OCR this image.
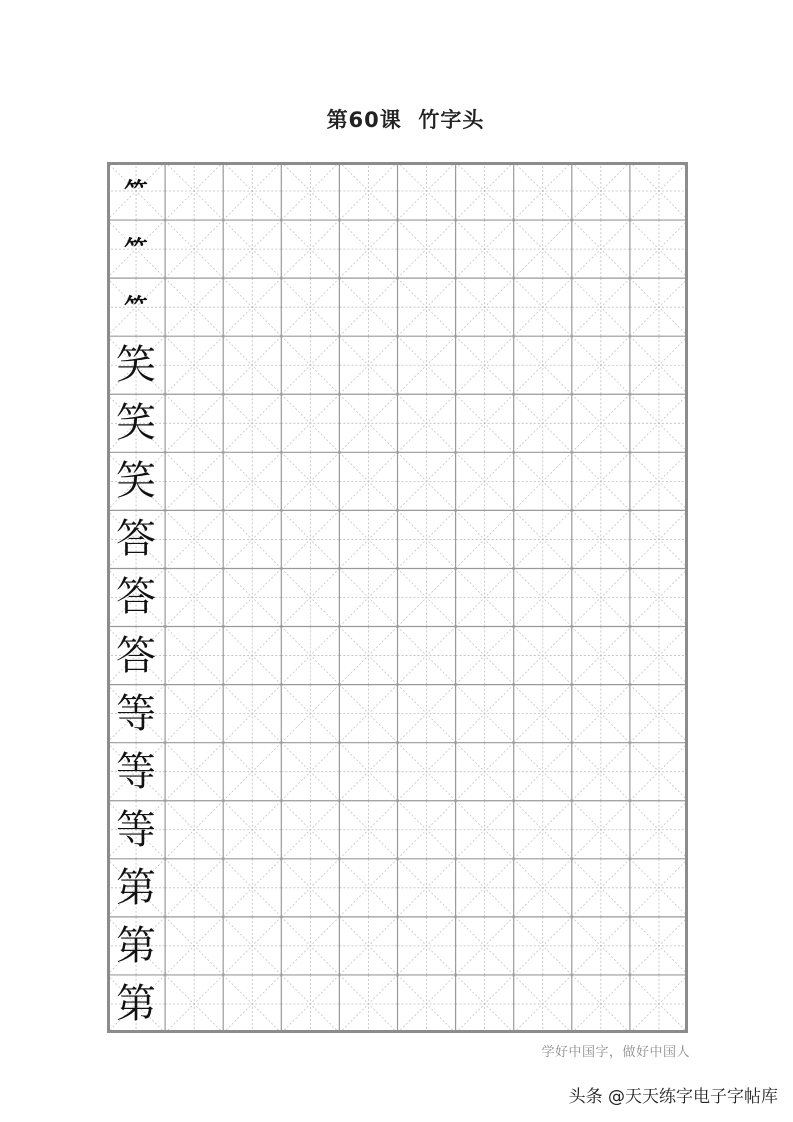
第60课  竹字头
⺮
⺮
⺮
笑
笑
笑
答
答
答
等
等
等
第
第
第
学好中国字，做好中国人
头条 @天天练字电子字帖库
